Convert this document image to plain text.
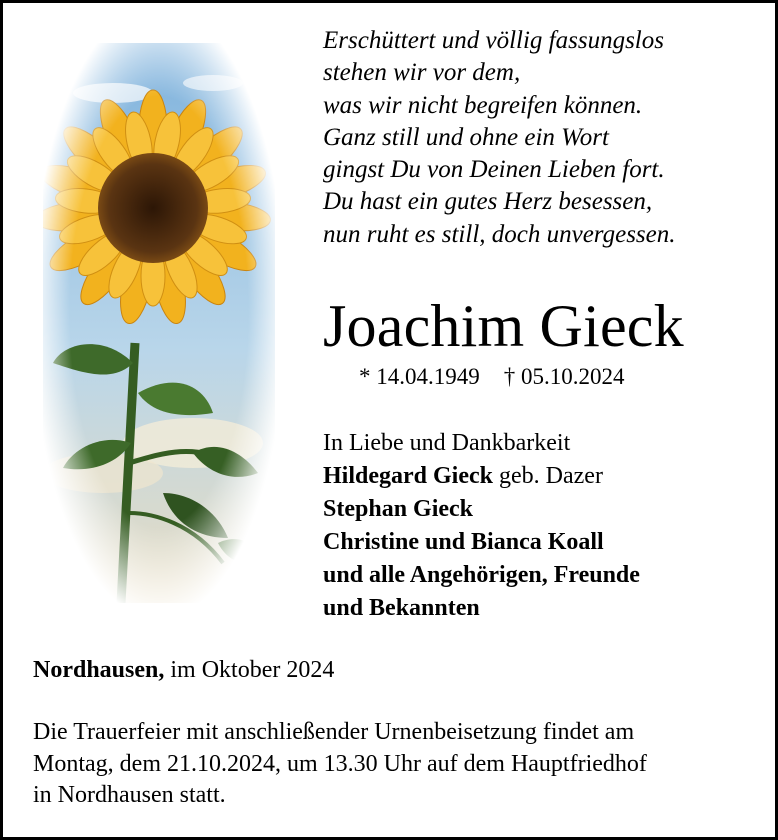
Erschüttert und völlig fassungslos
stehen wir vor dem,
was wir nicht begreifen können.
Ganz still und ohne ein Wort
gingst Du von Deinen Lieben fort.
Du hast ein gutes Herz besessen,
nun ruht es still, doch unvergessen.
Joachim Gieck
* 14.04.1949 † 05.10.2024
In Liebe und Dankbarkeit
Hildegard Gieck geb. Dazer
Stephan Gieck
Christine und Bianca Koall
und alle Angehörigen, Freunde
und Bekannten
Nordhausen, im Oktober 2024
Die Trauerfeier mit anschließender Urnenbeisetzung findet am
Montag, dem 21.10.2024, um 13.30 Uhr auf dem Hauptfriedhof
in Nordhausen statt.
